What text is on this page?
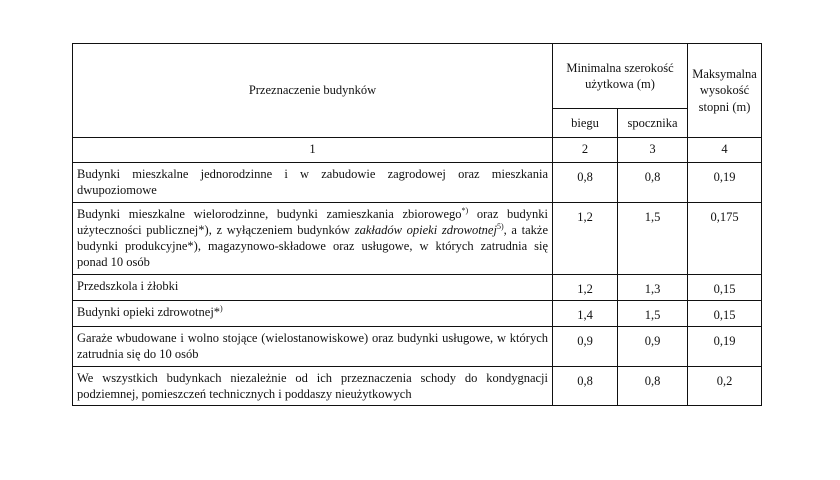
Przeznaczenie budynków	Minimalna szerokość użytkowa (m)		Maksymalna wysokość stopni (m)
	biegu	spocznika	
1	2	3	4
Budynki mieszkalne jednorodzinne i w zabudowie zagrodowej oraz mieszkania dwupoziomowe	0,8	0,8	0,19
Budynki mieszkalne wielorodzinne, budynki zamieszkania zbiorowego*) oraz budynki użyteczności publicznej*), z wyłączeniem budynków zakładów opieki zdrowotnej$^{5)}$, a także budynki produkcyjne*), magazynowo-składowe oraz usługowe, w których zatrudnia się ponad 10 osób	1,2	1,5	0,175
Przedszkola i żłobki	1,2	1,3	0,15
Budynki opieki zdrowotnej*)	1,4	1,5	0,15
Garaże wbudowane i wolno stojące (wielostanowiskowe) oraz budynki usługowe, w których zatrudnia się do 10 osób	0,9	0,9	0,19
We wszystkich budynkach niezależnie od ich przeznaczenia schody do kondygnacji podziemnej, pomieszczeń technicznych i poddaszy nieużytkowych	0,8	0,8	0,2
